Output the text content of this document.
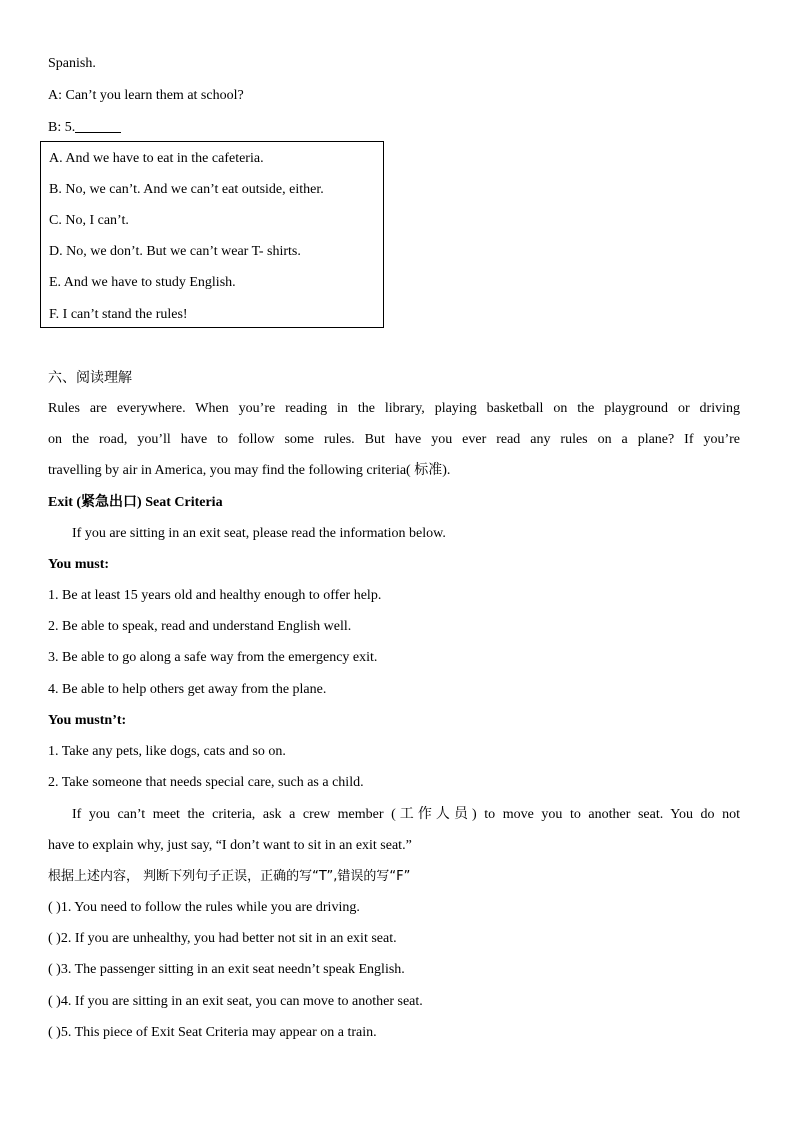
Spanish.
A: Can’t you learn them at school?
B: 5.
A. And we have to eat in the cafeteria.
B. No, we can’t. And we can’t eat outside, either.
C. No, I can’t.
D. No, we don’t. But we can’t wear T- shirts.
E. And we have to study English.
F. I can’t stand the rules!
六、阅读理解
Rules are everywhere. When you’re reading in the library, playing basketball on the playground or driving
on the road, you’ll have to follow some rules. But have you ever read any rules on a plane? If you’re
travelling by air in America, you may find the following criteria( 标准).
Exit (紧急出口) Seat Criteria
If you are sitting in an exit seat, please read the information below.
You must:
1. Be at least 15 years old and healthy enough to offer help.
2. Be able to speak, read and understand English well.
3. Be able to go along a safe way from the emergency exit.
4. Be able to help others get away from the plane.
You mustn’t:
1. Take any pets, like dogs, cats and so on.
2. Take someone that needs special care, such as a child.
If you can’t meet the criteria, ask a crew member (工作人员) to move you to another seat. You do not
have to explain why, just say, “I don’t want to sit in an exit seat.”
根据上述内容， 判断下列句子正误，正确的写“T”,错误的写“F”
( )1. You need to follow the rules while you are driving.
( )2. If you are unhealthy, you had better not sit in an exit seat.
( )3. The passenger sitting in an exit seat needn’t speak English.
( )4. If you are sitting in an exit seat, you can move to another seat.
( )5. This piece of Exit Seat Criteria may appear on a train.
